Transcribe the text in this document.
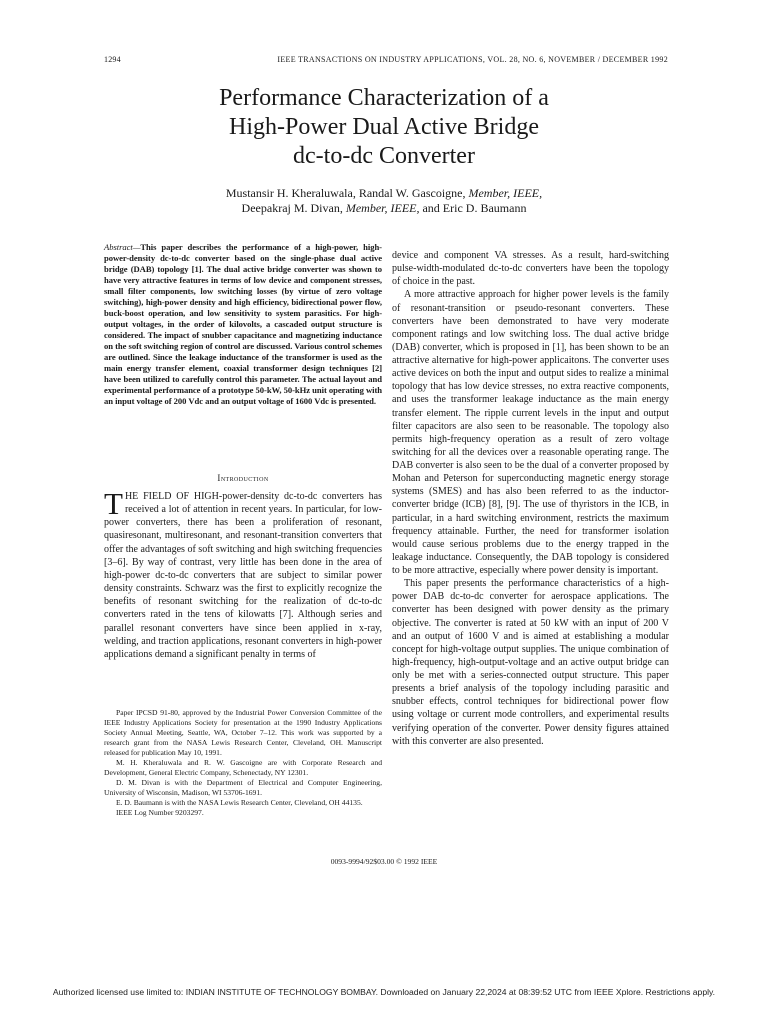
1294	IEEE TRANSACTIONS ON INDUSTRY APPLICATIONS, VOL. 28, NO. 6, NOVEMBER / DECEMBER 1992
Performance Characterization of a
High-Power Dual Active Bridge
dc-to-dc Converter
Mustansir H. Kheraluwala, Randal W. Gascoigne, Member, IEEE,
Deepakraj M. Divan, Member, IEEE, and Eric D. Baumann
Abstract—This paper describes the performance of a high-power, high-power-density dc-to-dc converter based on the single-phase dual active bridge (DAB) topology [1]. The dual active bridge converter was shown to have very attractive features in terms of low device and component stresses, small filter components, low switching losses (by virtue of zero voltage switching), high-power density and high efficiency, bidirectional power flow, buck-boost operation, and low sensitivity to system parasitics. For high-output voltages, in the order of kilovolts, a cascaded output structure is considered. The impact of snubber capacitance and magnetizing inductance on the soft switching region of control are discussed. Various control schemes are outlined. Since the leakage inductance of the transformer is used as the main energy transfer element, coaxial transformer design techniques [2] have been utilized to carefully control this parameter. The actual layout and experimental performance of a prototype 50-kW, 50-kHz unit operating with an input voltage of 200 Vdc and an output voltage of 1600 Vdc is presented.
Introduction
THE FIELD OF HIGH-power-density dc-to-dc converters has received a lot of attention in recent years. In particular, for low-power converters, there has been a proliferation of resonant, quasiresonant, multiresonant, and resonant-transition converters that offer the advantages of soft switching and high switching frequencies [3–6]. By way of contrast, very little has been done in the area of high-power dc-to-dc converters that are subject to similar power density constraints. Schwarz was the first to explicitly recognize the benefits of resonant switching for the realization of dc-to-dc converters rated in the tens of kilowatts [7]. Although series and parallel resonant converters have since been applied in x-ray, welding, and traction applications, resonant converters in high-power applications demand a significant penalty in terms of

Paper IPCSD 91-80, approved by the Industrial Power Conversion Committee of the IEEE Industry Applications Society for presentation at the 1990 Industry Applications Society Annual Meeting, Seattle, WA, October 7–12. This work was supported by a research grant from the NASA Lewis Research Center, Cleveland, OH. Manuscript released for publication May 10, 1991.

M. H. Kheraluwala and R. W. Gascoigne are with Corporate Research and Development, General Electric Company, Schenectady, NY 12301.

D. M. Divan is with the Department of Electrical and Computer Engineering, University of Wisconsin, Madison, WI 53706-1691.

E. D. Baumann is with the NASA Lewis Research Center, Cleveland, OH 44135.

IEEE Log Number 9203297.

device and component VA stresses. As a result, hard-switching pulse-width-modulated dc-to-dc converters have been the topology of choice in the past.

A more attractive approach for higher power levels is the family of resonant-transition or pseudo-resonant converters. These converters have been demonstrated to have very moderate component ratings and low switching loss. The dual active bridge (DAB) converter, which is proposed in [1], has been shown to be an attractive alternative for high-power applicaitons. The converter uses active devices on both the input and output sides to realize a minimal topology that has low device stresses, no extra reactive components, and uses the transformer leakage inductance as the main energy transfer element. The ripple current levels in the input and output filter capacitors are also seen to be reasonable. The topology also permits high-frequency operation as a result of zero voltage switching for all the devices over a reasonable operating range. The DAB converter is also seen to be the dual of a converter proposed by Mohan and Peterson for superconducting magnetic energy storage systems (SMES) and has also been referred to as the inductor-converter bridge (ICB) [8], [9]. The use of thyristors in the ICB, in particular, in a hard switching environment, restricts the maximum frequency attainable. Further, the need for transformer isolation would cause serious problems due to the energy trapped in the leakage inductance. Consequently, the DAB topology is considered to be more attractive, especially where power density is important.

This paper presents the performance characteristics of a high-power DAB dc-to-dc converter for aerospace applications. The converter has been designed with power density as the primary objective. The converter is rated at 50 kW with an input of 200 V and an output of 1600 V and is aimed at establishing a modular concept for high-voltage output supplies. The unique combination of high-frequency, high-output-voltage and an active output bridge can only be met with a series-connected output structure. This paper presents a brief analysis of the topology including parasitic and snubber effects, control techniques for bidirectional power flow using voltage or current mode controllers, and experimental results verifying operation of the converter. Power density figures attained with this converter are also presented.

0093-9994/92$03.00 © 1992 IEEE
Authorized licensed use limited to: INDIAN INSTITUTE OF TECHNOLOGY BOMBAY. Downloaded on January 22,2024 at 08:39:52 UTC from IEEE Xplore. Restrictions apply.
